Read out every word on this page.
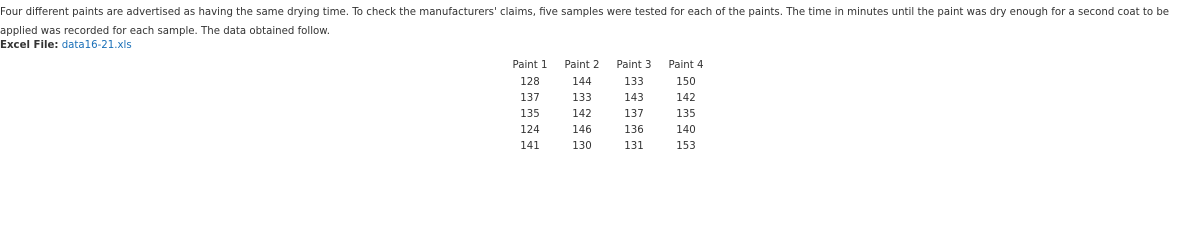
Four different paints are advertised as having the same drying time. To check the manufacturers' claims, five samples were tested for each of the paints. The time in minutes until the paint was dry enough for a second coat to be applied was recorded for each sample. The data obtained follow.

Excel File: data16-21.xls
Paint 1	Paint 2	Paint 3	Paint 4
128	144	133	150
137	133	143	142
135	142	137	135
124	146	136	140
141	130	131	153
